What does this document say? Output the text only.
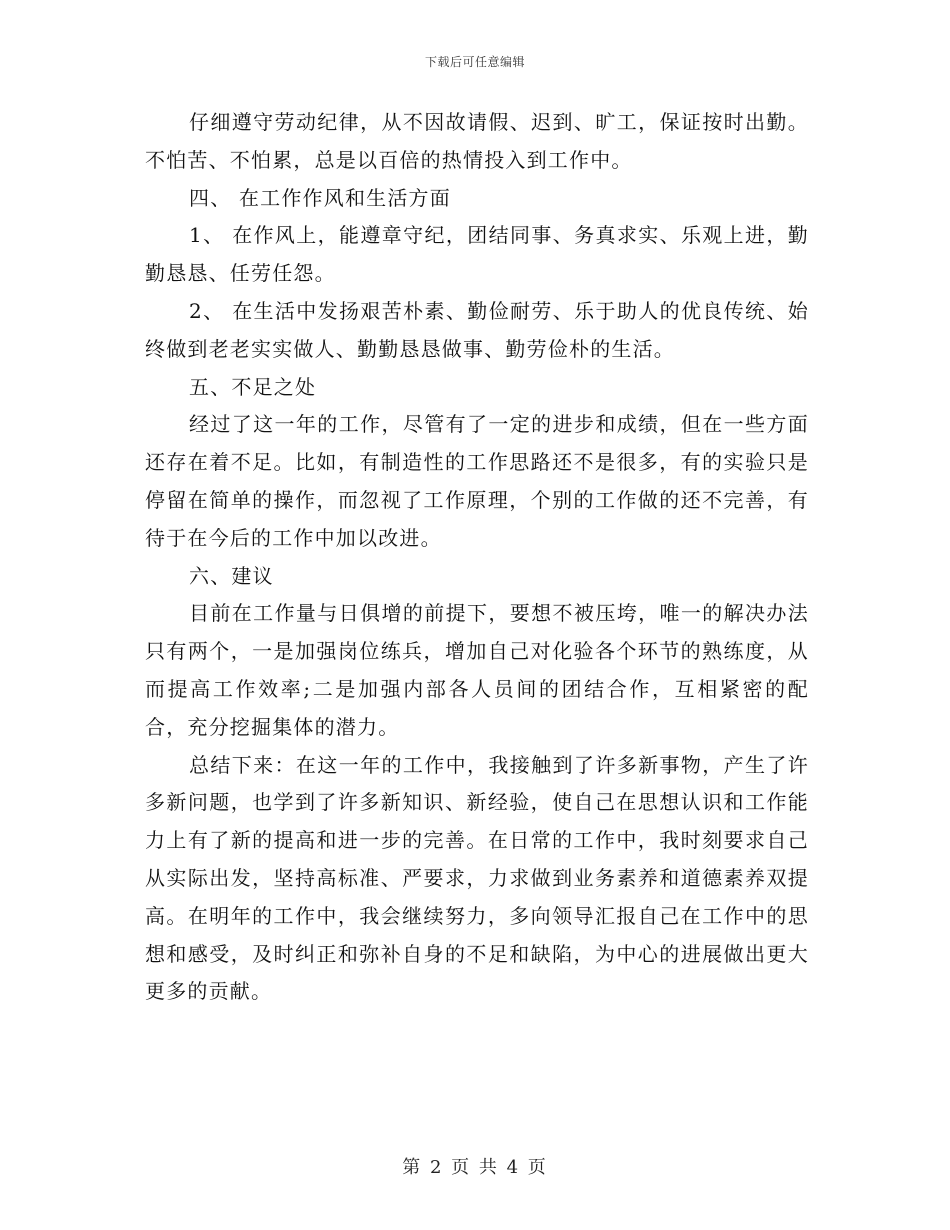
下载后可任意编辑

仔细遵守劳动纪律，从不因故请假、迟到、旷工，保证按时出勤。不怕苦、不怕累，总是以百倍的热情投入到工作中。

四、 在工作作风和生活方面

1、 在作风上，能遵章守纪，团结同事、务真求实、乐观上进，勤勤恳恳、任劳任怨。

2、 在生活中发扬艰苦朴素、勤俭耐劳、乐于助人的优良传统、始终做到老老实实做人、勤勤恳恳做事、勤劳俭朴的生活。

五、不足之处

经过了这一年的工作，尽管有了一定的进步和成绩，但在一些方面还存在着不足。比如，有制造性的工作思路还不是很多，有的实验只是停留在简单的操作，而忽视了工作原理，个别的工作做的还不完善，有待于在今后的工作中加以改进。

六、建议

目前在工作量与日俱增的前提下，要想不被压垮，唯一的解决办法只有两个，一是加强岗位练兵，增加自己对化验各个环节的熟练度，从而提高工作效率;二是加强内部各人员间的团结合作，互相紧密的配合，充分挖掘集体的潜力。

总结下来：在这一年的工作中，我接触到了许多新事物，产生了许多新问题，也学到了许多新知识、新经验，使自己在思想认识和工作能力上有了新的提高和进一步的完善。在日常的工作中，我时刻要求自己从实际出发，坚持高标准、严要求，力求做到业务素养和道德素养双提高。在明年的工作中，我会继续努力，多向领导汇报自己在工作中的思想和感受，及时纠正和弥补自身的不足和缺陷，为中心的进展做出更大更多的贡献。

第 2 页 共 4 页
